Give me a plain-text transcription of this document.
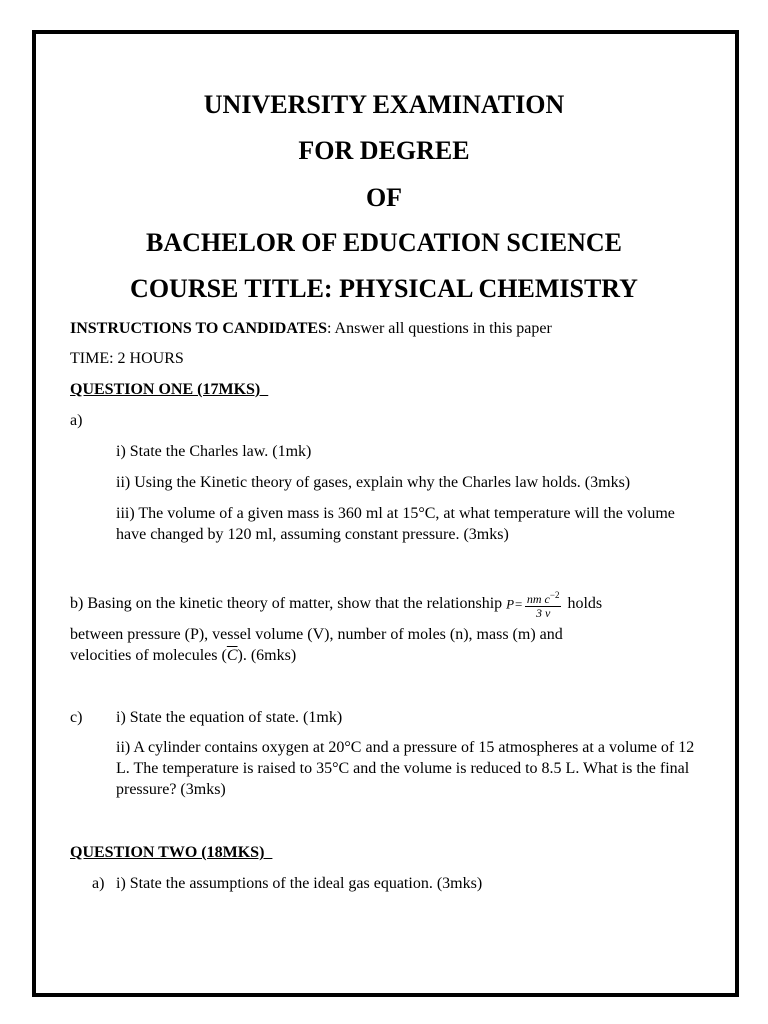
UNIVERSITY EXAMINATION
FOR DEGREE
OF
BACHELOR OF EDUCATION SCIENCE
COURSE TITLE: PHYSICAL CHEMISTRY
INSTRUCTIONS TO CANDIDATES: Answer all questions in this paper
TIME: 2 HOURS
QUESTION ONE (17MKS)
a)
i) State the Charles law. (1mk)
ii) Using the Kinetic theory of gases, explain why the Charles law holds. (3mks)
iii) The volume of a given mass is 360 ml at 15°C, at what temperature will the volume have changed by 120 ml, assuming constant pressure. (3mks)
b) Basing on the kinetic theory of matter, show that the relationship $P= \frac{nm c^{-2}}{3 v}$ holds
between pressure (P), vessel volume (V), number of moles (n), mass (m) and
velocities of molecules $(\overline{C})$. (6mks)
c) i) State the equation of state. (1mk)
ii) A cylinder contains oxygen at 20°C and a pressure of 15 atmospheres at a volume of 12 L. The temperature is raised to 35°C and the volume is reduced to 8.5 L. What is the final pressure? (3mks)
QUESTION TWO (18MKS)
a) i) State the assumptions of the ideal gas equation. (3mks)
